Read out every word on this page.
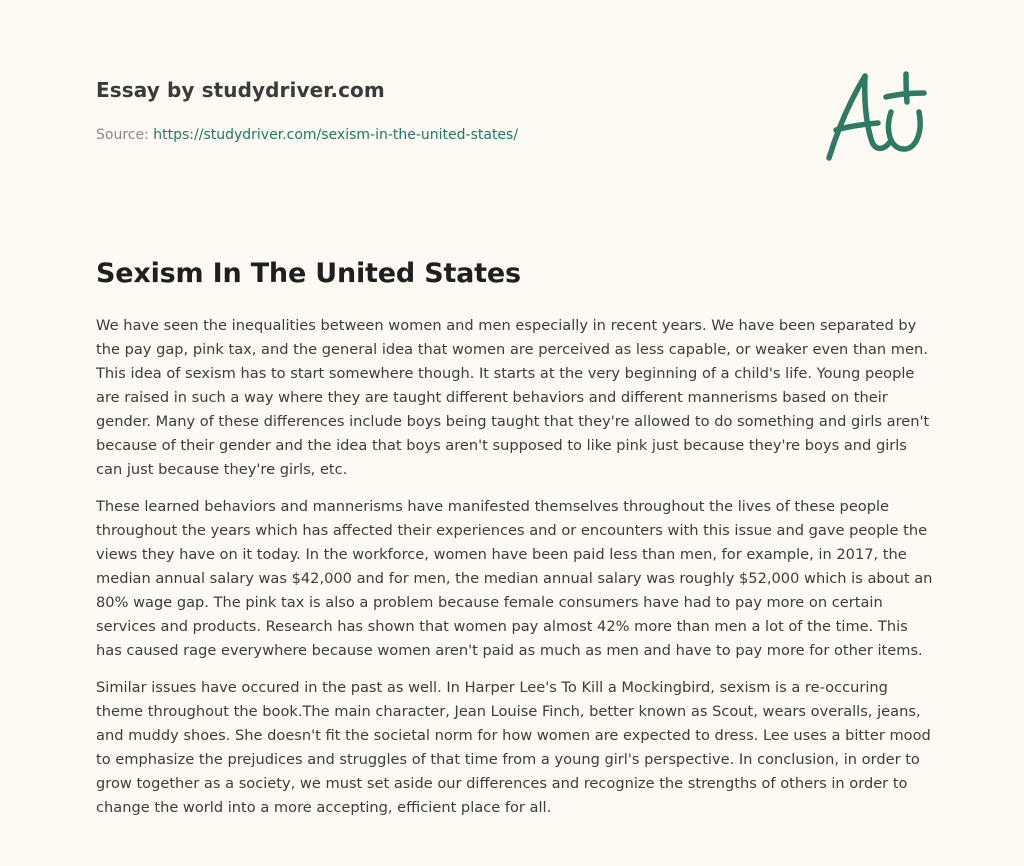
Essay by studydriver.com
Source: https://studydriver.com/sexism-in-the-united-states/
Sexism In The United States

We have seen the inequalities between women and men especially in recent years. We have been separated by the pay gap, pink tax, and the general idea that women are perceived as less capable, or weaker even than men. This idea of sexism has to start somewhere though. It starts at the very beginning of a child's life. Young people are raised in such a way where they are taught different behaviors and different mannerisms based on their gender. Many of these differences include boys being taught that they're allowed to do something and girls aren't because of their gender and the idea that boys aren't supposed to like pink just because they're boys and girls can just because they're girls, etc.

These learned behaviors and mannerisms have manifested themselves throughout the lives of these people throughout the years which has affected their experiences and or encounters with this issue and gave people the views they have on it today. In the workforce, women have been paid less than men, for example, in 2017, the median annual salary was $42,000 and for men, the median annual salary was roughly $52,000 which is about an 80% wage gap. The pink tax is also a problem because female consumers have had to pay more on certain services and products. Research has shown that women pay almost 42% more than men a lot of the time. This has caused rage everywhere because women aren't paid as much as men and have to pay more for other items.

Similar issues have occured in the past as well. In Harper Lee's To Kill a Mockingbird, sexism is a re-occuring theme throughout the book.The main character, Jean Louise Finch, better known as Scout, wears overalls, jeans, and muddy shoes. She doesn't fit the societal norm for how women are expected to dress. Lee uses a bitter mood to emphasize the prejudices and struggles of that time from a young girl's perspective. In conclusion, in order to grow together as a society, we must set aside our differences and recognize the strengths of others in order to change the world into a more accepting, efficient place for all.
